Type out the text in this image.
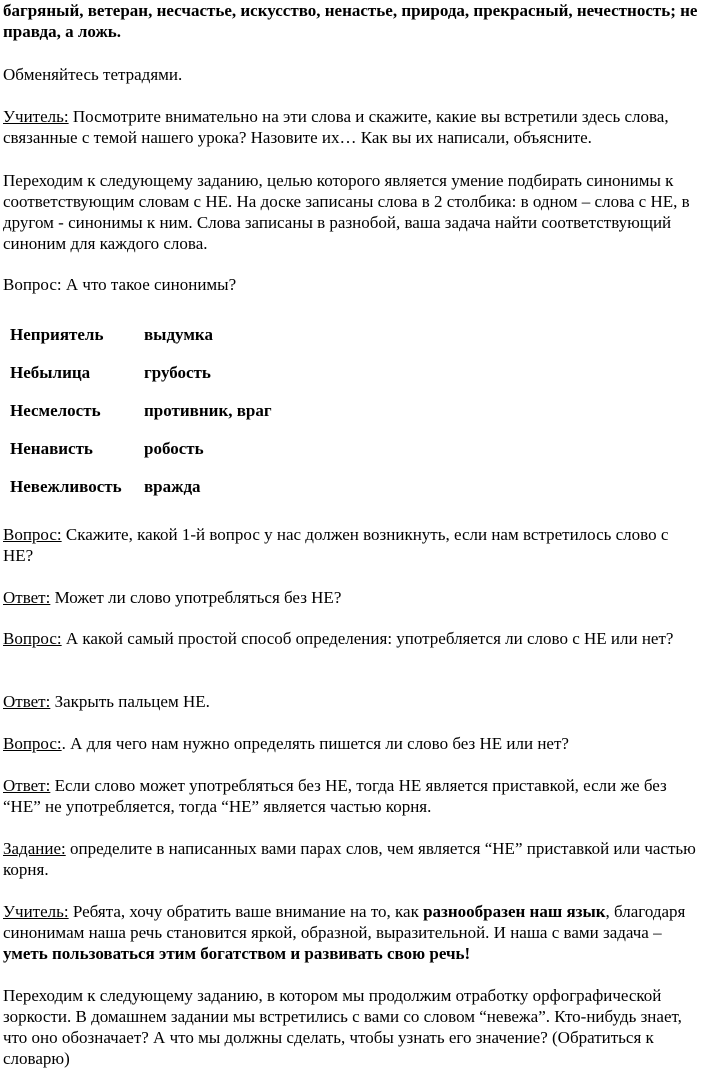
багряный, ветеран, несчастье, искусство, ненастье, природа, прекрасный, нечестность; не правда, а ложь.

Обменяйтесь тетрадями.

Учитель: Посмотрите внимательно на эти слова и скажите, какие вы встретили здесь слова, связанные с темой нашего урока? Назовите их… Как вы их написали, объясните.

Переходим к следующему заданию, целью которого является умение подбирать синонимы к соответствующим словам с НЕ. На доске записаны слова в 2 столбика: в одном – слова с НЕ, в другом - синонимы к ним. Слова записаны в разнобой, ваша задача найти соответствующий синоним для каждого слова.

Вопрос: А что такое синонимы?

Неприятель	выдумка
Небылица	грубость
Несмелость	противник, враг
Ненависть	робость
Невежливость	вражда

Вопрос: Скажите, какой 1-й вопрос у нас должен возникнуть, если нам встретилось слово с НЕ?

Ответ: Может ли слово употребляться без НЕ?

Вопрос: А какой самый простой способ определения: употребляется ли слово с НЕ или нет?

Ответ: Закрыть пальцем НЕ.

Вопрос:. А для чего нам нужно определять пишется ли слово без НЕ или нет?

Ответ: Если слово может употребляться без НЕ, тогда НЕ является приставкой, если же без “НЕ” не употребляется, тогда “НЕ” является частью корня.

Задание: определите в написанных вами парах слов, чем является “НЕ” приставкой или частью корня.

Учитель: Ребята, хочу обратить ваше внимание на то, как разнообразен наш язык, благодаря синонимам наша речь становится яркой, образной, выразительной. И наша с вами задача – уметь пользоваться этим богатством и развивать свою речь!

Переходим к следующему заданию, в котором мы продолжим отработку орфографической зоркости. В домашнем задании мы встретились с вами со словом “невежа”. Кто-нибудь знает, что оно обозначает? А что мы должны сделать, чтобы узнать его значение? (Обратиться к словарю)
